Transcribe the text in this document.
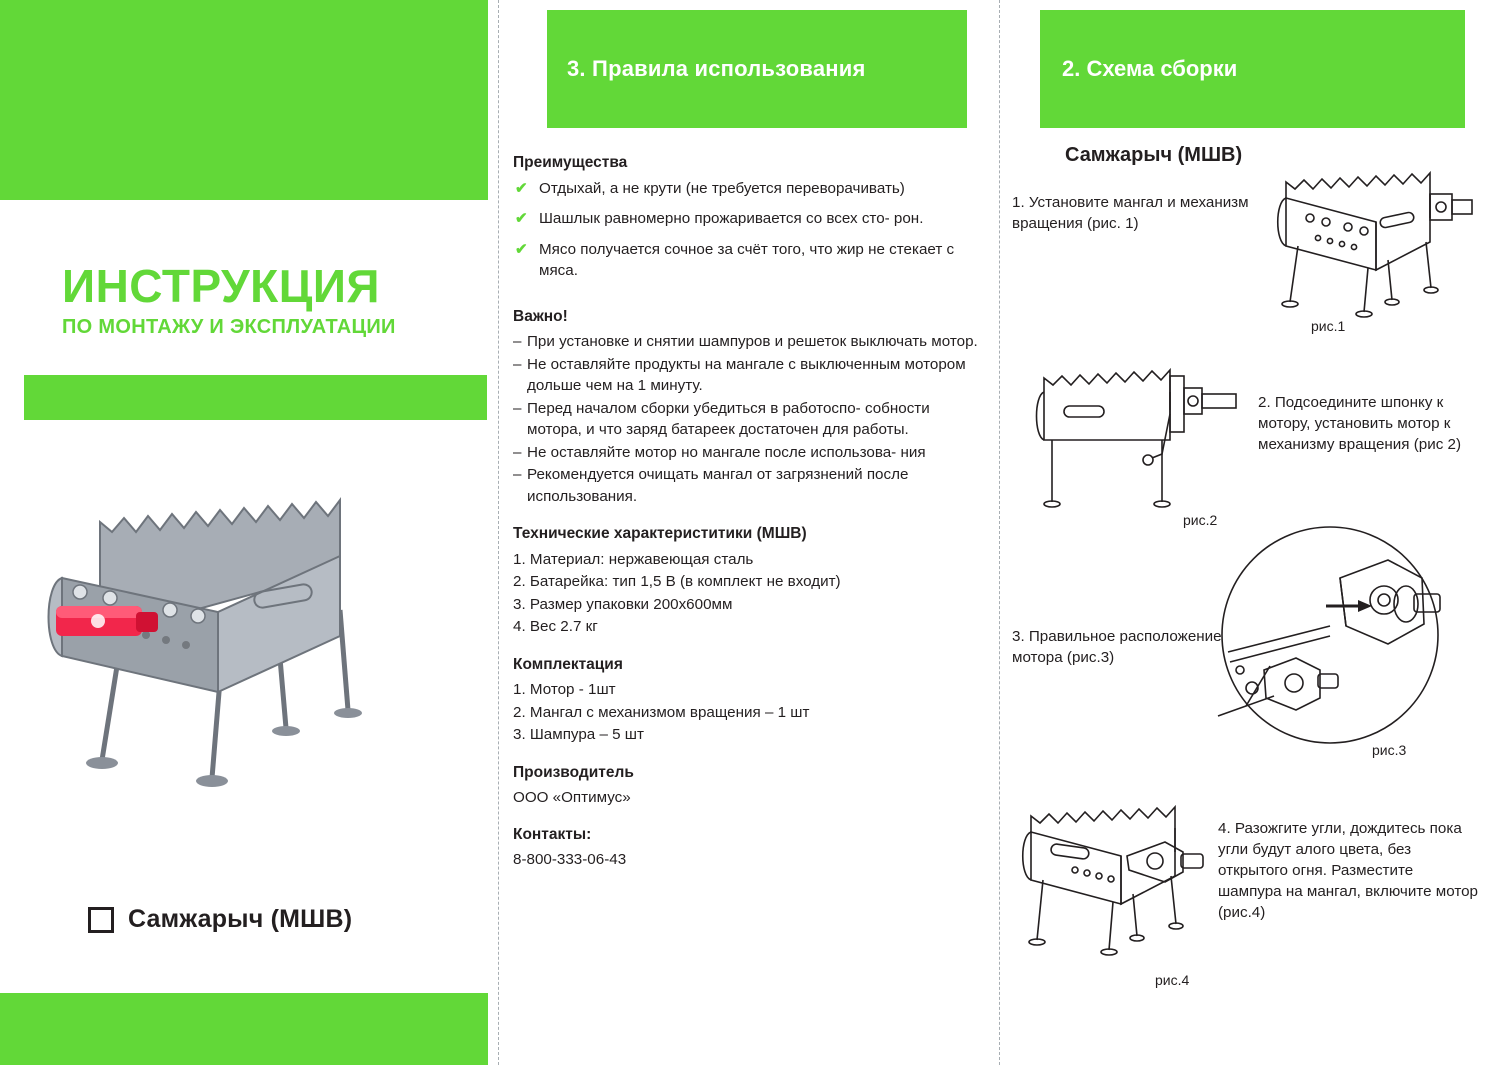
ИНСТРУКЦИЯ
ПО МОНТАЖУ И ЭКСПЛУАТАЦИИ
Самжарыч (МШВ)
3. Правила использования

Преимущества

✔ Отдыхай, а не крути (не требуется переворачивать)
✔ Шашлык равномерно прожаривается со всех сто- рон.
✔ Мясо получается сочное за счёт того, что жир не стекает с мяса.

Важно!

– При установке и снятии шампуров и решеток выключать мотор.
– Не оставляйте продукты на мангале с выключенным мотором дольше чем на 1 минуту.
– Перед началом сборки убедиться в работоспо- собности мотора, и что заряд батареек достаточен для работы.
– Не оставляйте мотор но мангале после использова- ния
– Рекомендуется очищать мангал от загрязнений после использования.

Технические характериститики (МШВ)

1. Материал: нержавеющая сталь
2. Батарейка: тип 1,5 В (в комплект не входит)
3. Размер упаковки 200x600мм
4. Вес 2.7 кг

Комплектация

1. Мотор - 1шт
2. Мангал с механизмом вращения – 1 шт
3. Шампура – 5 шт

Производитель

ООО «Оптимус»

Контакты:

8-800-333-06-43

2. Схема сборки
Самжарыч (МШВ)
1. Установите мангал и механизм вращения (рис. 1)
рис.1
рис.2
2. Подсоедините шпонку к мотору, установить мотор к механизму вращения (рис 2)
3. Правильное расположение мотора (рис.3)
рис.3
рис.4
4. Разожгите угли, дождитесь пока угли будут алого цвета, без открытого огня. Разместите шампура на мангал, включите мотор (рис.4)
